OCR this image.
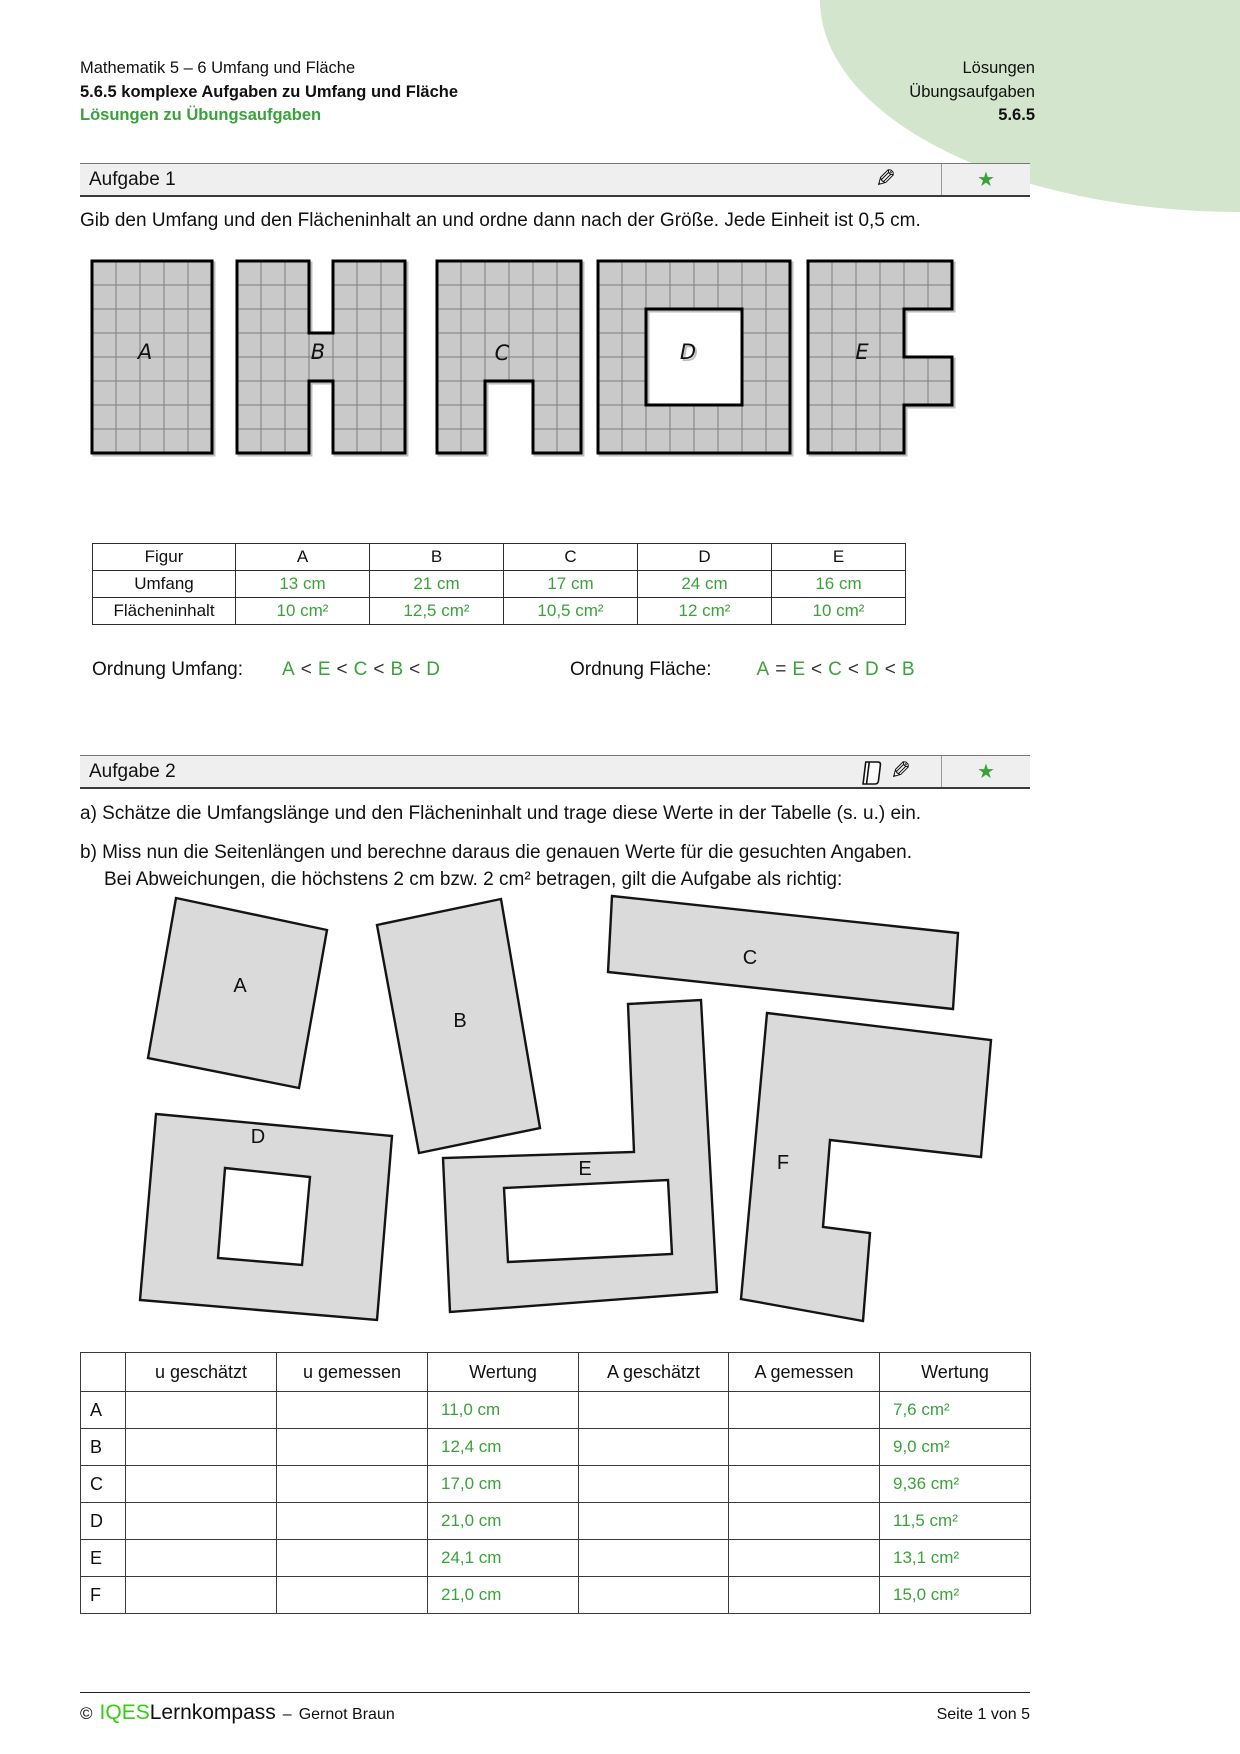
Mathematik 5 – 6 Umfang und Fläche
5.6.5 komplexe Aufgaben zu Umfang und Fläche
Lösungen zu Übungsaufgaben
Lösungen
Übungsaufgaben
5.6.5
Aufgabe 1	✎	★
Gib den Umfang und den Flächeninhalt an und ordne dann nach der Größe. Jede Einheit ist 0,5 cm.
A	B	C	D	E
Figur	A	B	C	D	E
Umfang	13 cm	21 cm	17 cm	24 cm	16 cm
Flächeninhalt	10 cm²	12,5 cm²	10,5 cm²	12 cm²	10 cm²
Ordnung Umfang: A < E < C < B < D	Ordnung Fläche: A = E < C < D < B
Aufgabe 2	✎	★
a) Schätze die Umfangslänge und den Flächeninhalt und trage diese Werte in der Tabelle (s. u.) ein.
b) Miss nun die Seitenlängen und berechne daraus die genauen Werte für die gesuchten Angaben.
Bei Abweichungen, die höchstens 2 cm bzw. 2 cm² betragen, gilt die Aufgabe als richtig:
A
B
C
D
E	F
	u geschätzt	u gemessen	Wertung	A geschätzt	A gemessen	Wertung
A			11,0 cm			7,6 cm²
B			12,4 cm			9,0 cm²
C			17,0 cm			9,36 cm²
D			21,0 cm			11,5 cm²
E			24,1 cm			13,1 cm²
F			21,0 cm			15,0 cm²
© IQES Lernkompass – Gernot Braun	Seite 1 von 5
